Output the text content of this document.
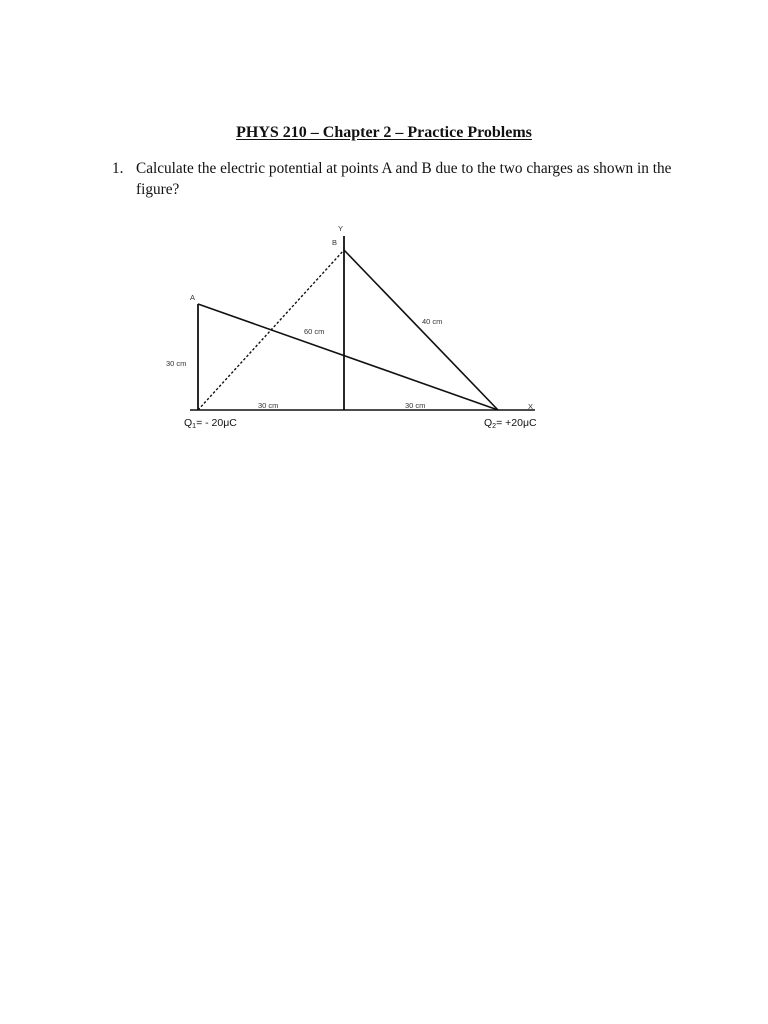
PHYS 210 – Chapter 2 – Practice Problems
1. Calculate the electric potential at points A and B due to the two charges as shown in the figure?
Y
B
A
X
30 cm
60 cm
40 cm
30 cm	30 cm
Q1= - 20μC	Q2= +20μC
